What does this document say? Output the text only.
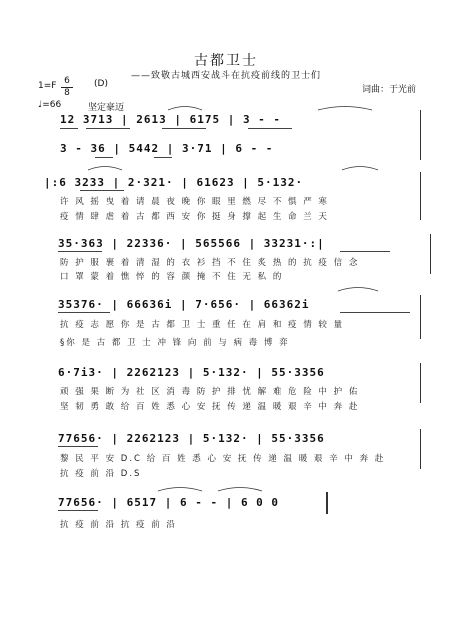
古都卫士
——致敬古城西安战斗在抗疫前线的卫士们
1=F 6
8
(D)
♩=66	坚定豪迈
词曲：于光前
12 3713 | 2613 | 6175 | 3 - -
3 - 36 | 5442 | 3·71 | 6 - -
|:6 3233 | 2·321· | 61623 | 5·132·
许 风 摇 曳 着 请 晨 夜 晚 你 眼 里 燃 尽 不 惧 严 寒
疫 情 肆 虐 着 古 都 西 安 你 挺 身 撑 起 生 命 兰 天
35·363 | 22336· | 565566 | 33231·:|
防 护 服 裹 着 清 湿 的 衣 衫 挡 不 住 炙 热 的 抗 疫 信 念
口 罩 蒙 着 憔 悴 的 容 颜 掩 不 住 无 私 的
35376· | 66636i | 7·656· | 66362i
抗 疫 志 愿 你 是 古 都 卫 士 重 任 在 肩 和 疫 情 较 量
§你 是 古 都 卫 士 冲 锋 向 前 与 病 毒 博 弈
6·7i3· | 2262123 | 5·132· | 55·3356
顽 强 果 断 为 社 区 消 毒 防 护 排 忧 解 难 危 险 中 护 佑
坚 韧 勇 敢 给 百 姓 悉 心 安 抚 传 递 温 暖 艰 辛 中 奔 赴
77656· | 2262123 | 5·132· | 55·3356
黎 民 平 安 D.C 给 百 姓 悉 心 安 抚 传 递 温 暖 艰 辛 中 奔 赴
抗 疫 前 沿 D.S
77656· | 6517 | 6 - - | 6 0 0
抗 疫 前 沿 抗 疫 前 沿
